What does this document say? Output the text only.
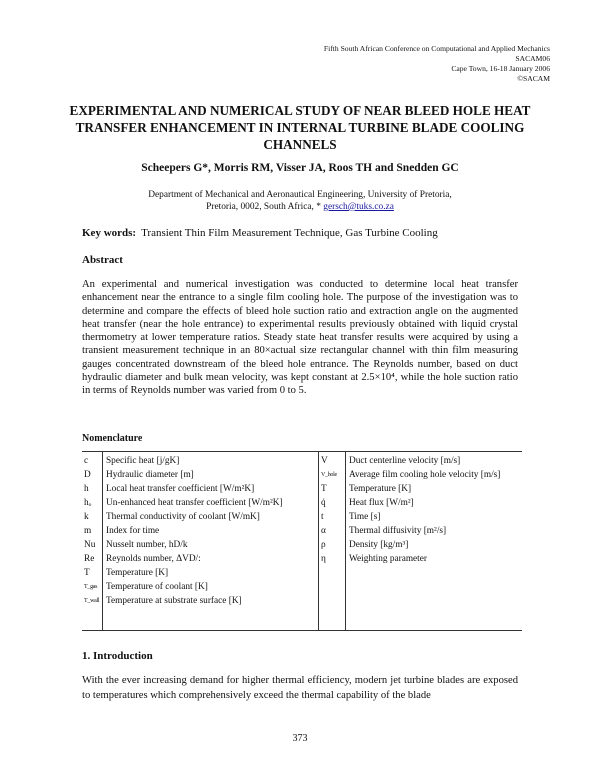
Fifth South African Conference on Computational and Applied Mechanics
SACAM06
Cape Town, 16-18 January 2006
©SACAM
EXPERIMENTAL AND NUMERICAL STUDY OF NEAR BLEED HOLE HEAT TRANSFER ENHANCEMENT IN INTERNAL TURBINE BLADE COOLING CHANNELS
Scheepers G*, Morris RM, Visser JA, Roos TH and Snedden GC
Department of Mechanical and Aeronautical Engineering, University of Pretoria,
Pretoria, 0002, South Africa, * gersch@tuks.co.za
Key words: Transient Thin Film Measurement Technique, Gas Turbine Cooling
Abstract
An experimental and numerical investigation was conducted to determine local heat transfer enhancement near the entrance to a single film cooling hole. The purpose of the investigation was to determine and compare the effects of bleed hole suction ratio and extraction angle on the augmented heat transfer (near the hole entrance) to experimental results previously obtained with liquid crystal thermometry at lower temperature ratios. Steady state heat transfer results were acquired by using a transient measurement technique in an 80×actual size rectangular channel with thin film measuring gauges concentrated downstream of the bleed hole entrance. The Reynolds number, based on duct hydraulic diameter and bulk mean velocity, was kept constant at 2.5×10⁴, while the hole suction ratio in terms of Reynolds number was varied from 0 to 5.
Nomenclature
c
D
h
hₒ
k
m
Nu
Re
T
T_gas
T_wall
Specific heat [j/gK]
Hydraulic diameter [m]
Local heat transfer coefficient [W/m²K]
Un-enhanced heat transfer coefficient [W/m²K]
Thermal conductivity of coolant [W/mK]
Index for time
Nusselt number, hD/k
Reynolds number, ΔVD/:
Temperature [K]
Temperature of coolant [K]
Temperature at substrate surface [K]
V
V_hole
T
q̇
t
α
ρ
η
Duct centerline velocity [m/s]
Average film cooling hole velocity [m/s]
Temperature [K]
Heat flux [W/m²]
Time [s]
Thermal diffusivity [m²/s]
Density [kg/m³]
Weighting parameter
1. Introduction
With the ever increasing demand for higher thermal efficiency, modern jet turbine blades are exposed to temperatures which comprehensively exceed the thermal capability of the blade
373
